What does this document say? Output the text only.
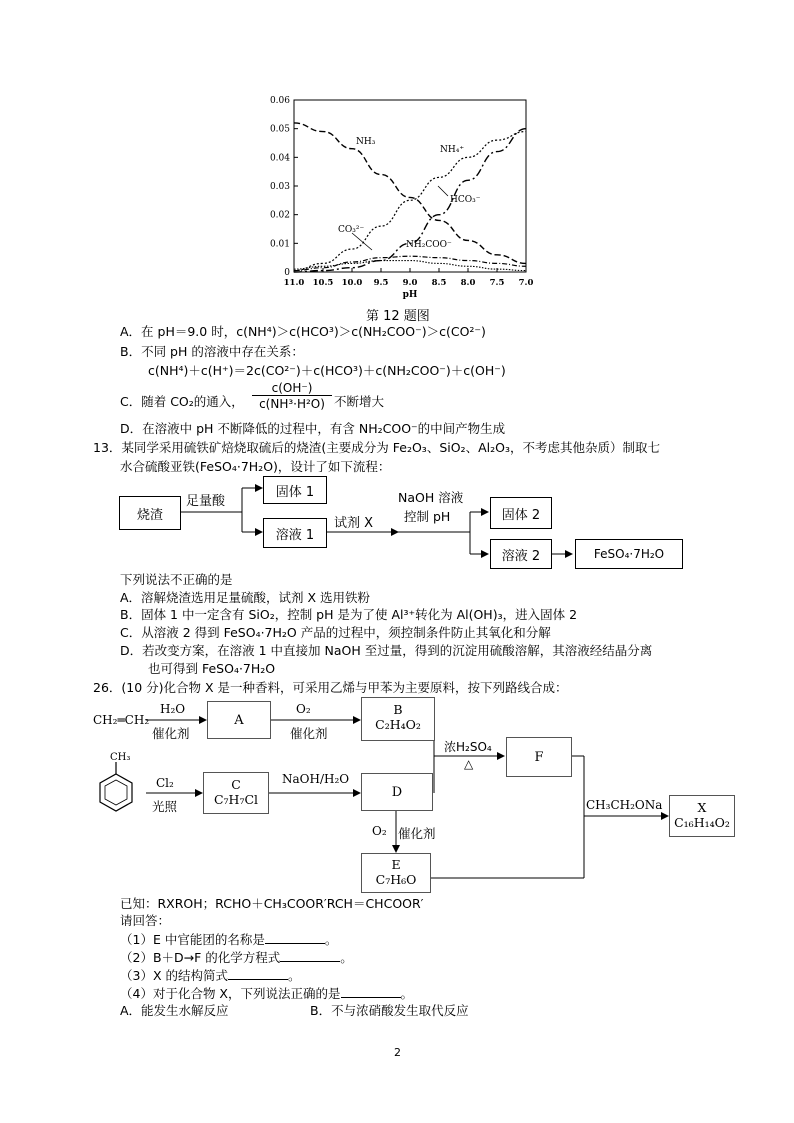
0
0.01
0.02
0.03
0.04
0.05
0.06
11.0 10.5 10.0 9.5 9.0 8.5 8.0 7.5 7.0
pH
NH₃
NH₄⁺
HCO₃⁻
CO₃²⁻
NH₂COO⁻
第 12 题图
A．在 pH＝9.0 时，c(NH⁴)＞c(HCO³)＞c(NH₂COO⁻)＞c(CO²⁻)
B．不同 pH 的溶液中存在关系：
c(NH⁴)＋c(H⁺)＝2c(CO²⁻)＋c(HCO³)＋c(NH₂COO⁻)＋c(OH⁻)
C．随着 CO₂的通入， $\frac{c(OH^-)}{\text{c(NH³·H²O)}}$ 不断增大
D．在溶液中 pH 不断降低的过程中，有含 NH₂COO⁻的中间产物生成
13．某同学采用硫铁矿焙烧取硫后的烧渣(主要成分为 Fe₂O₃、SiO₂、Al₂O₃，不考虑其他杂质）制取七
水合硫酸亚铁(FeSO₄·7H₂O)，设计了如下流程：
烧渣
足量酸
固体 1
溶液 1
试剂 X
NaOH 溶液
控制 pH	固体 2
溶液 2	FeSO₄·7H₂O
下列说法不正确的是
A．溶解烧渣选用足量硫酸，试剂 X 选用铁粉
B．固体 1 中一定含有 SiO₂，控制 pH 是为了使 Al³⁺转化为 Al(OH)₃，进入固体 2
C．从溶液 2 得到 FeSO₄·7H₂O 产品的过程中，须控制条件防止其氧化和分解
D．若改变方案，在溶液 1 中直接加 NaOH 至过量，得到的沉淀用硫酸溶解，其溶液经结晶分离
也可得到 FeSO₄·7H₂O
26．(10 分)化合物 X 是一种香料，可采用乙烯与甲苯为主要原料，按下列路线合成：
CH₂═CH₂
H₂O
催化剂
A
O₂
催化剂
B
C₂H₄O₂
浓H₂SO₄
△	F
CH₃
Cl₂
光照
C
C₇H₇Cl
NaOH/H₂O
D
O₂ 催化剂
E
C₇H₆O
CH₃CH₂ONa	X
C₁₆H₁₄O₂
已知：RXROH；RCHO＋CH₃COOR′RCH＝CHCOOR′
请回答：
（1）E 中官能团的名称是	。
（2）B＋D→F 的化学方程式	。
（3）X 的结构简式	。
（4）对于化合物 X，下列说法正确的是	。
A．能发生水解反应	B．不与浓硝酸发生取代反应
2
